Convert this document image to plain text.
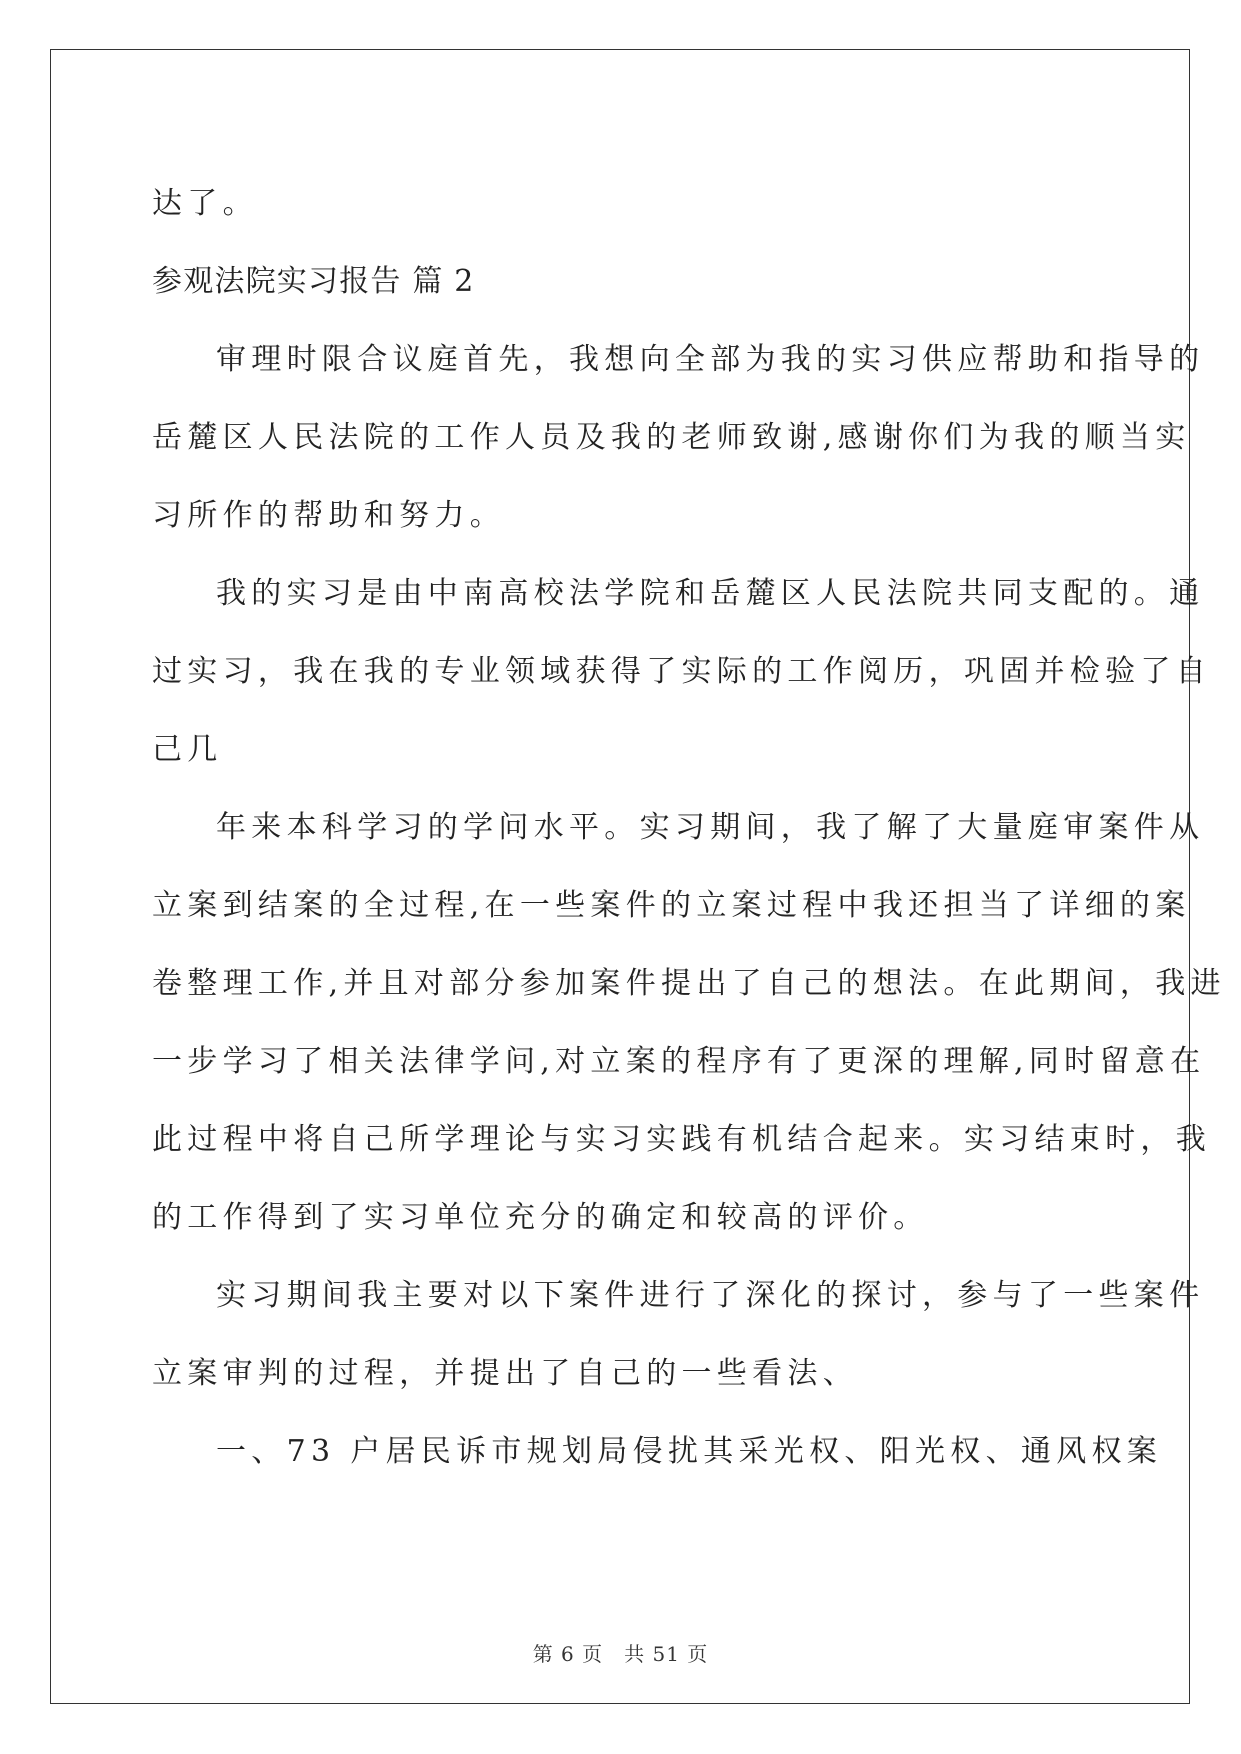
达了。
参观法院实习报告 篇 2
审理时限合议庭首先，我想向全部为我的实习供应帮助和指导的
岳麓区人民法院的工作人员及我的老师致谢,感谢你们为我的顺当实
习所作的帮助和努力。
我的实习是由中南高校法学院和岳麓区人民法院共同支配的。通
过实习，我在我的专业领域获得了实际的工作阅历，巩固并检验了自
己几
年来本科学习的学问水平。实习期间，我了解了大量庭审案件从
立案到结案的全过程,在一些案件的立案过程中我还担当了详细的案
卷整理工作,并且对部分参加案件提出了自己的想法。在此期间，我进
一步学习了相关法律学问,对立案的程序有了更深的理解,同时留意在
此过程中将自己所学理论与实习实践有机结合起来。实习结束时，我
的工作得到了实习单位充分的确定和较高的评价。
实习期间我主要对以下案件进行了深化的探讨，参与了一些案件
立案审判的过程，并提出了自己的一些看法、
一、73 户居民诉市规划局侵扰其采光权、阳光权、通风权案
第 6 页　共 51 页
